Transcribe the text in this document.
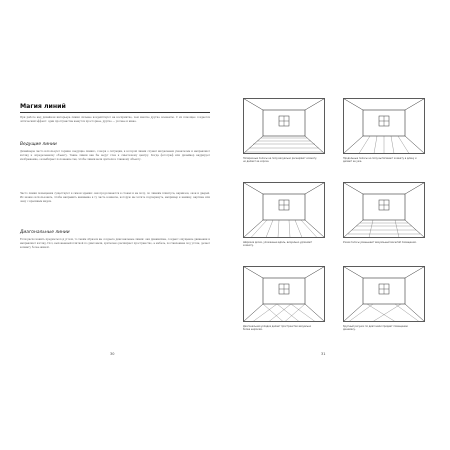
При работе над дизайном интерьера линии сильнее воздействуют на восприятие, чем многие другие элементы. С их помощью создается оптический эффект: одни пространства кажутся просторнее, другие — уютнее и ниже.
Магия линий
Ведущие линии
Дизайнеры часто используют термин «ведущие линии», говоря о ситуации, в которой линии служат визуальным указателем и направляют взгляд к определенному объекту. Такие линии как бы ведут глаз к смысловому центру. Когда фотограф или дизайнер кадрирует изображение, он выбирает положение так, чтобы линии вели зрителя к главному объекту.
Часто линии помещения существуют в самом здании: они продолжаются в стенах и на полу, по линиям плинтуса, карнизов, окон и дверей. Их можно использовать, чтобы направить внимание в ту часть комнаты, которую вы хотите подчеркнуть, например к камину, картине или окну с красивым видом.
Диагональные линии
Если расположить предметы под углом, то таким образом вы создаете диагональные линии: они динамичны, создают ощущение движения и направляют взгляд. Пол, выложенный плиткой по диагонали, зрительно расширяет пространство, а мебель, поставленная под углом, делает комнату более живой.
30
Поперечные полосы на полу визуально расширяют комнату, но делают ее короче.
Продольные полосы на полу вытягивают комнату в длину и делают ее уже.
Широкие доски, уложенные вдоль, визуально удлиняют комнату.
Узкие полосы уменьшают визуальный масштаб помещения.
Диагональная укладка делает пространство визуально более широким.
Крупный рисунок по диагонали придает помещению динамику.
31
